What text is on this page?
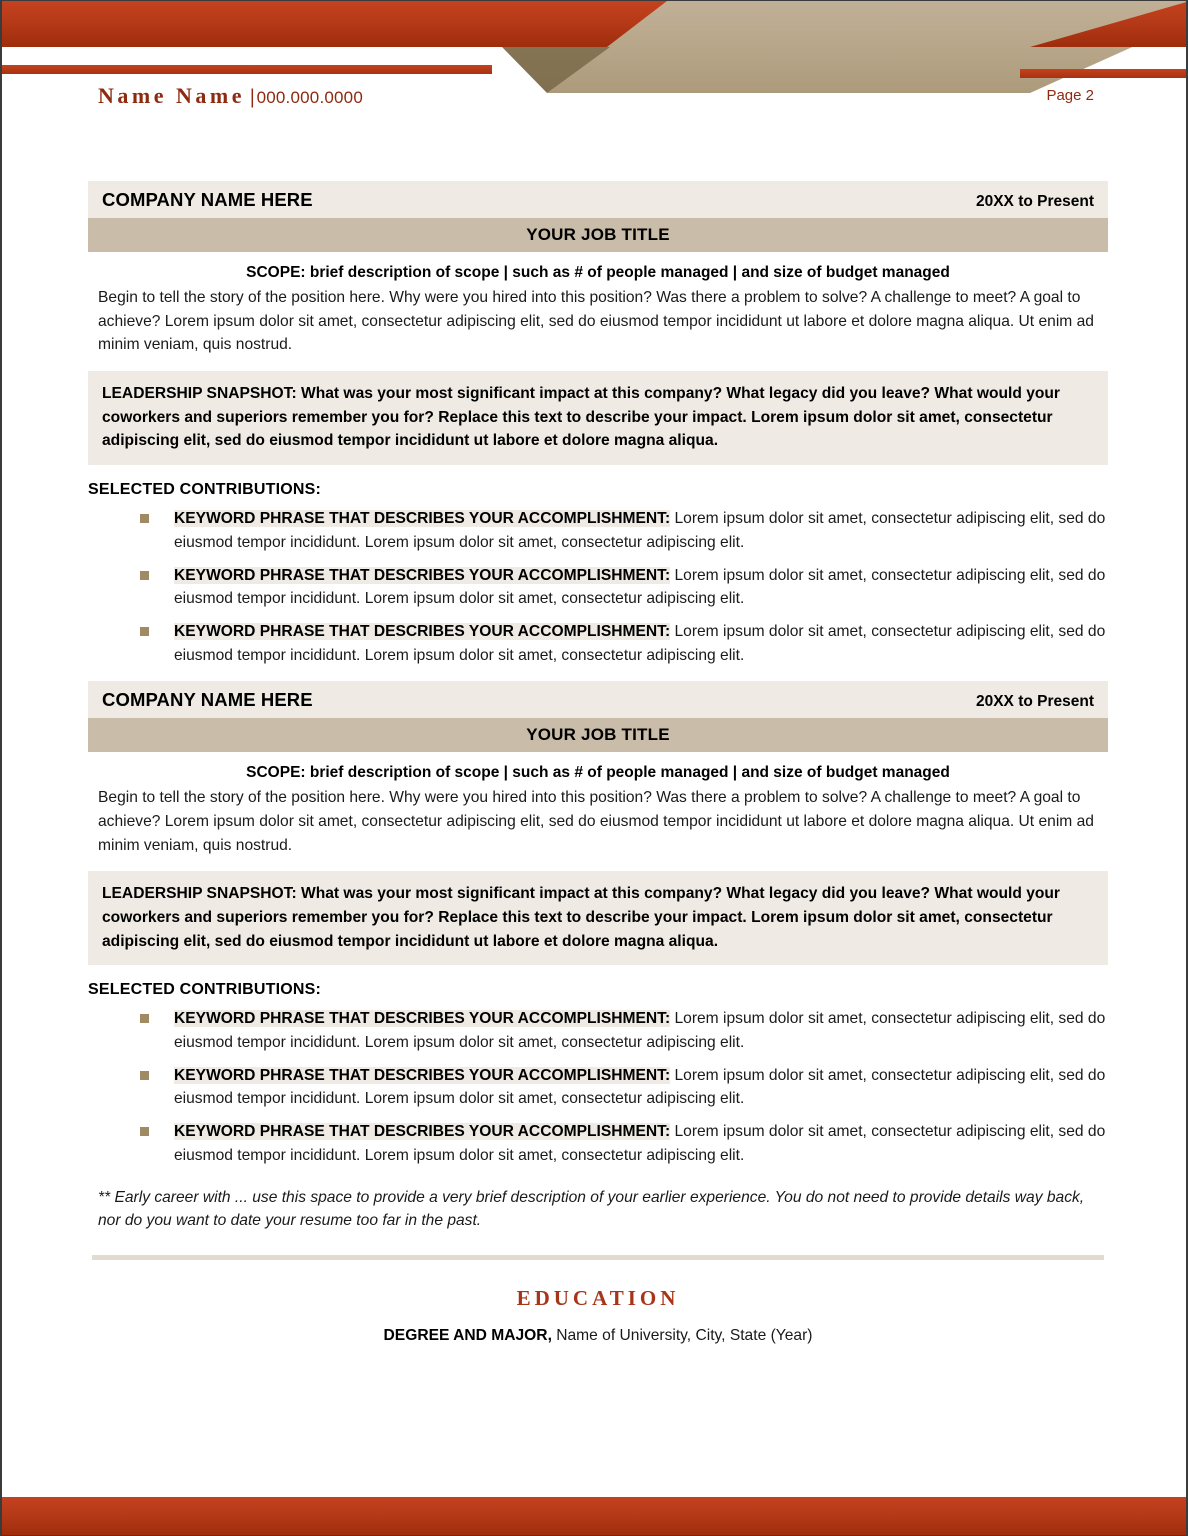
Name Name | 000.000.0000	Page 2
COMPANY NAME HERE	20XX to Present
YOUR JOB TITLE
SCOPE: brief description of scope | such as # of people managed | and size of budget managed
Begin to tell the story of the position here. Why were you hired into this position? Was there a problem to solve? A challenge to meet? A goal to achieve? Lorem ipsum dolor sit amet, consectetur adipiscing elit, sed do eiusmod tempor incididunt ut labore et dolore magna aliqua. Ut enim ad minim veniam, quis nostrud.
LEADERSHIP SNAPSHOT: What was your most significant impact at this company? What legacy did you leave? What would your coworkers and superiors remember you for? Replace this text to describe your impact. Lorem ipsum dolor sit amet, consectetur adipiscing elit, sed do eiusmod tempor incididunt ut labore et dolore magna aliqua.
SELECTED CONTRIBUTIONS:
KEYWORD PHRASE THAT DESCRIBES YOUR ACCOMPLISHMENT: Lorem ipsum dolor sit amet, consectetur adipiscing elit, sed do eiusmod tempor incididunt. Lorem ipsum dolor sit amet, consectetur adipiscing elit.
KEYWORD PHRASE THAT DESCRIBES YOUR ACCOMPLISHMENT: Lorem ipsum dolor sit amet, consectetur adipiscing elit, sed do eiusmod tempor incididunt. Lorem ipsum dolor sit amet, consectetur adipiscing elit.
KEYWORD PHRASE THAT DESCRIBES YOUR ACCOMPLISHMENT: Lorem ipsum dolor sit amet, consectetur adipiscing elit, sed do eiusmod tempor incididunt. Lorem ipsum dolor sit amet, consectetur adipiscing elit.
COMPANY NAME HERE	20XX to Present
YOUR JOB TITLE
SCOPE: brief description of scope | such as # of people managed | and size of budget managed
Begin to tell the story of the position here. Why were you hired into this position? Was there a problem to solve? A challenge to meet? A goal to achieve? Lorem ipsum dolor sit amet, consectetur adipiscing elit, sed do eiusmod tempor incididunt ut labore et dolore magna aliqua. Ut enim ad minim veniam, quis nostrud.
LEADERSHIP SNAPSHOT: What was your most significant impact at this company? What legacy did you leave? What would your coworkers and superiors remember you for? Replace this text to describe your impact. Lorem ipsum dolor sit amet, consectetur adipiscing elit, sed do eiusmod tempor incididunt ut labore et dolore magna aliqua.
SELECTED CONTRIBUTIONS:
KEYWORD PHRASE THAT DESCRIBES YOUR ACCOMPLISHMENT: Lorem ipsum dolor sit amet, consectetur adipiscing elit, sed do eiusmod tempor incididunt. Lorem ipsum dolor sit amet, consectetur adipiscing elit.
KEYWORD PHRASE THAT DESCRIBES YOUR ACCOMPLISHMENT: Lorem ipsum dolor sit amet, consectetur adipiscing elit, sed do eiusmod tempor incididunt. Lorem ipsum dolor sit amet, consectetur adipiscing elit.
KEYWORD PHRASE THAT DESCRIBES YOUR ACCOMPLISHMENT: Lorem ipsum dolor sit amet, consectetur adipiscing elit, sed do eiusmod tempor incididunt. Lorem ipsum dolor sit amet, consectetur adipiscing elit.
** Early career with ... use this space to provide a very brief description of your earlier experience. You do not need to provide details way back, nor do you want to date your resume too far in the past.
EDUCATION
DEGREE AND MAJOR, Name of University, City, State (Year)
